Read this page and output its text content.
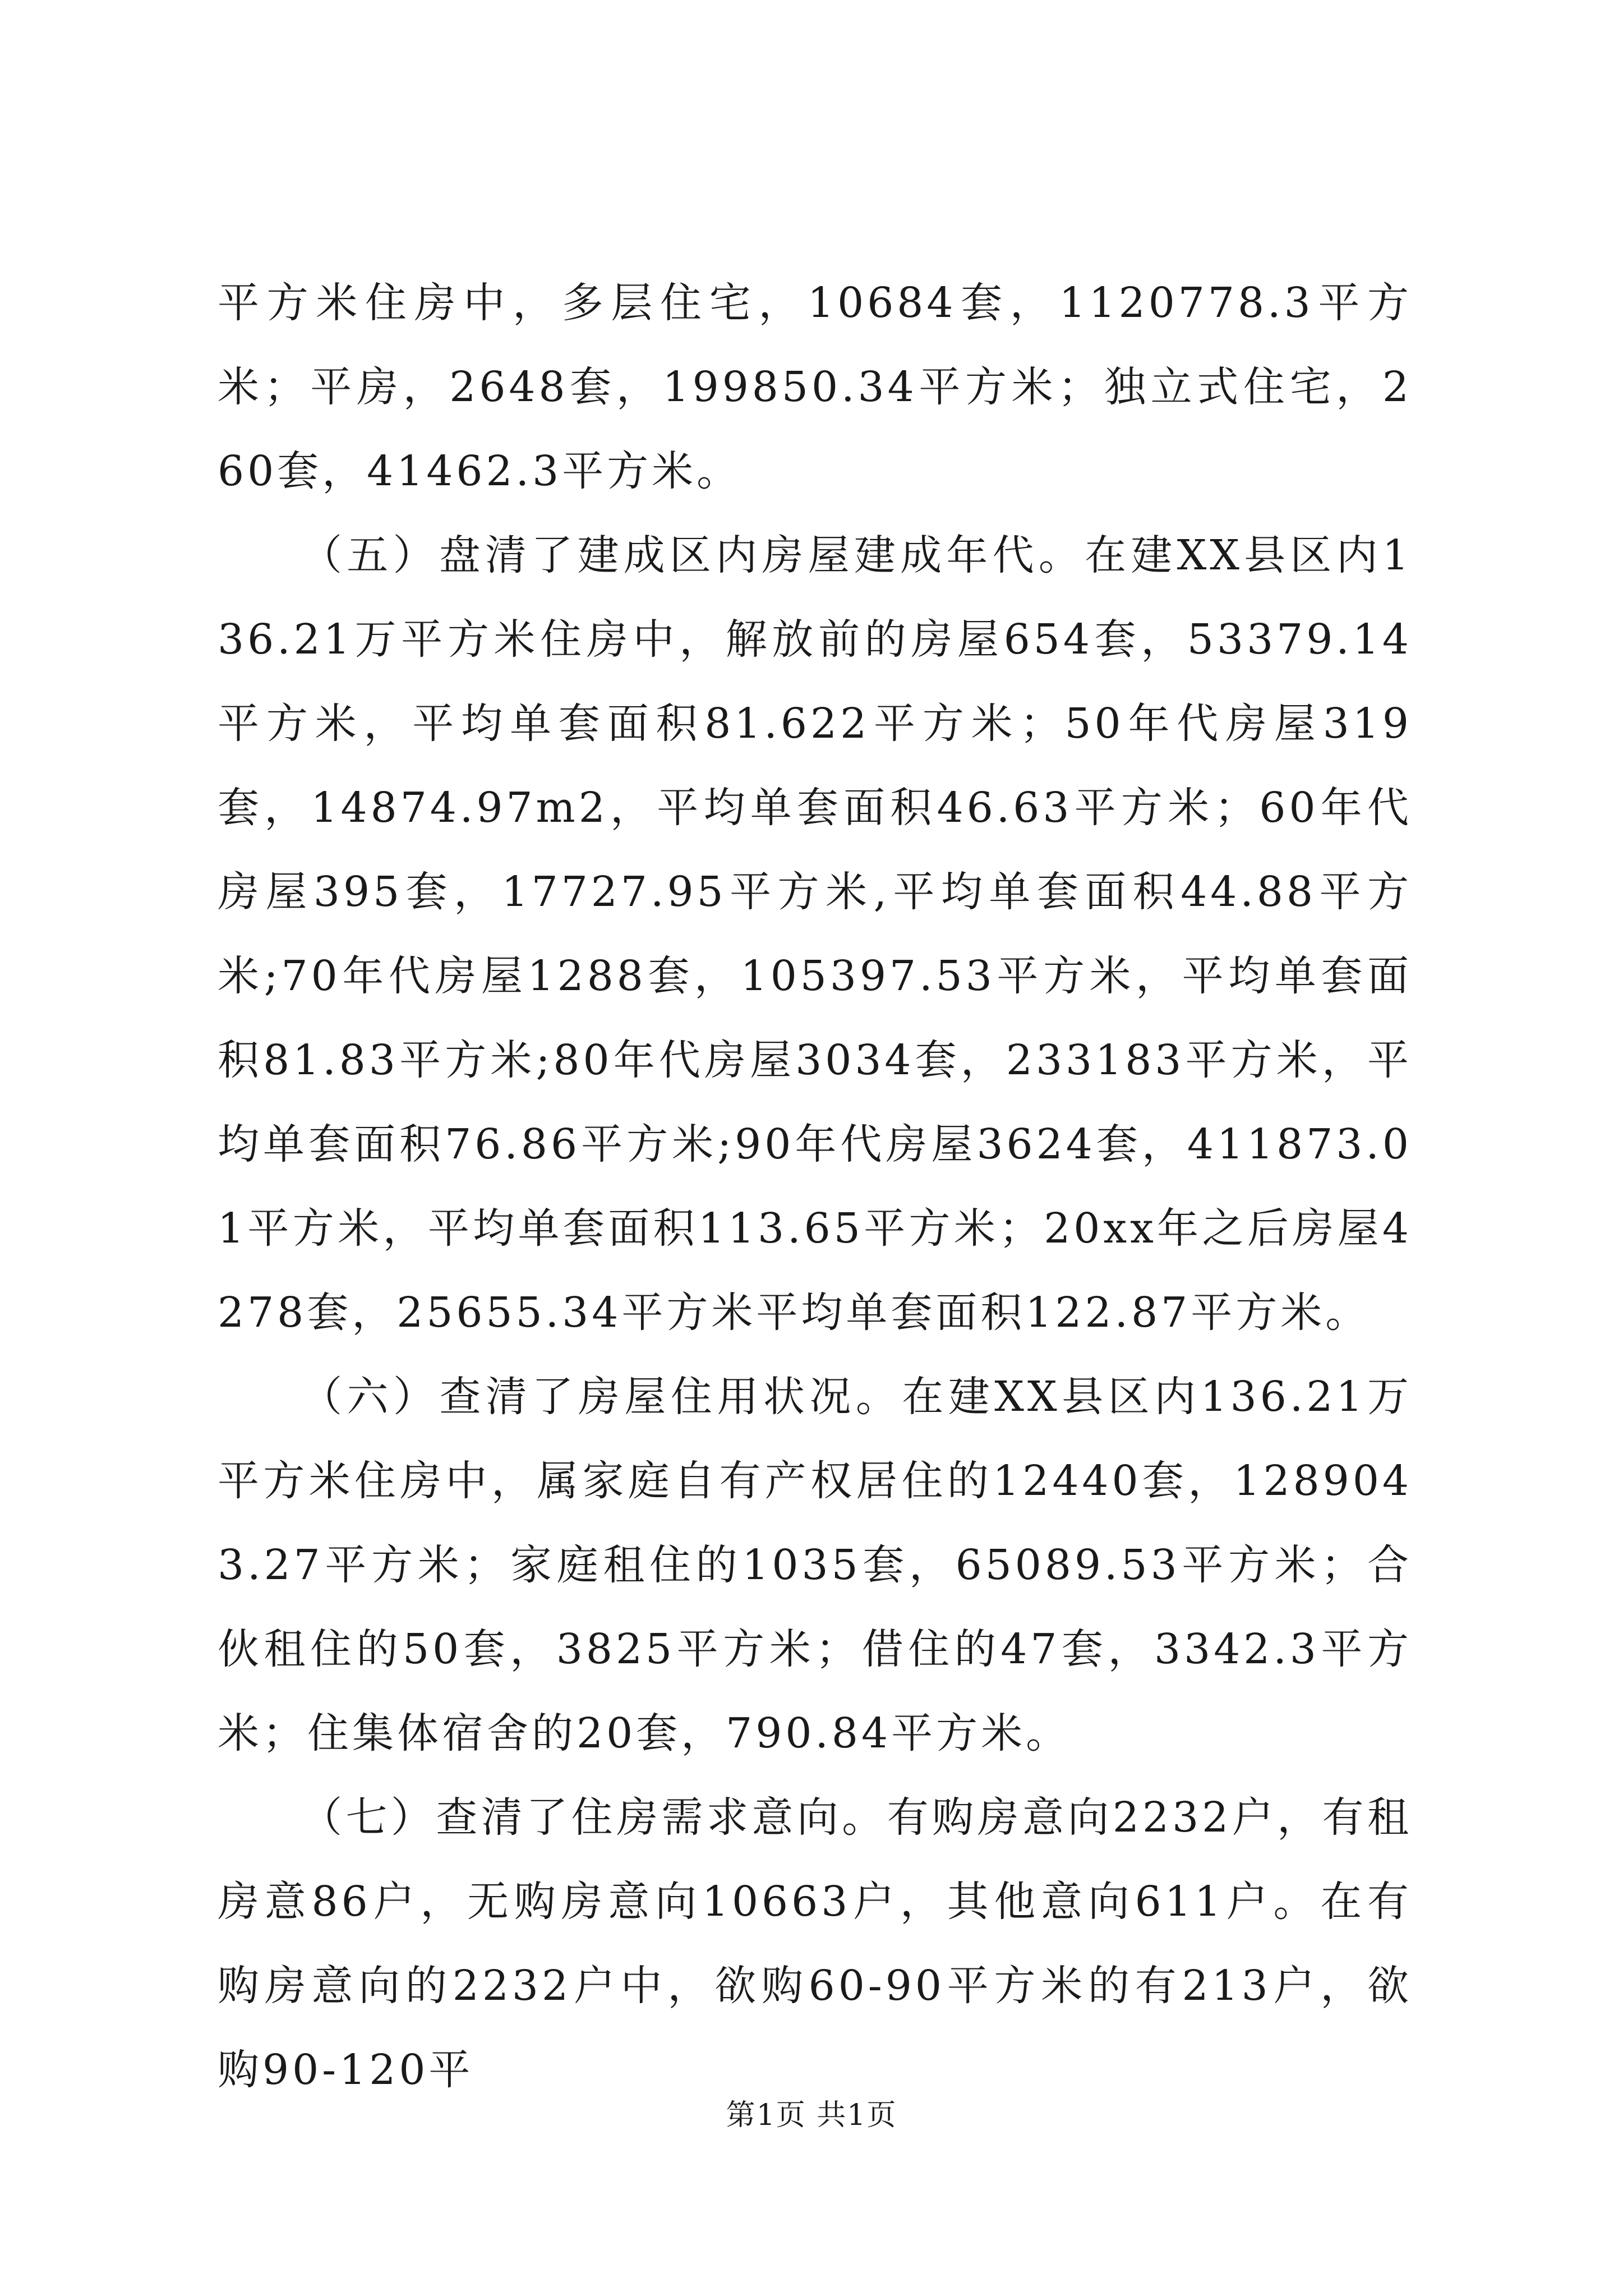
平方米住房中，多层住宅，10684套，1120778.3平方米；平房，2648套，199850.34平方米；独立式住宅，260套，41462.3平方米。

（五）盘清了建成区内房屋建成年代。在建XX县区内136.21万平方米住房中，解放前的房屋654套，53379.14平方米，平均单套面积81.622平方米；50年代房屋319套，14874.97m2，平均单套面积46.63平方米；60年代房屋395套，17727.95平方米,平均单套面积44.88平方米;70年代房屋1288套，105397.53平方米，平均单套面积81.83平方米;80年代房屋3034套，233183平方米，平均单套面积76.86平方米;90年代房屋3624套，411873.01平方米，平均单套面积113.65平方米；20xx年之后房屋4278套，25655.34平方米平均单套面积122.87平方米。

（六）查清了房屋住用状况。在建XX县区内136.21万平方米住房中，属家庭自有产权居住的12440套，1289043.27平方米；家庭租住的1035套，65089.53平方米；合伙租住的50套，3825平方米；借住的47套，3342.3平方米；住集体宿舍的20套，790.84平方米。

（七）查清了住房需求意向。有购房意向2232户，有租房意86户，无购房意向10663户，其他意向611户。在有购房意向的2232户中，欲购60-90平方米的有213户，欲购90-120平

第1页 共1页
